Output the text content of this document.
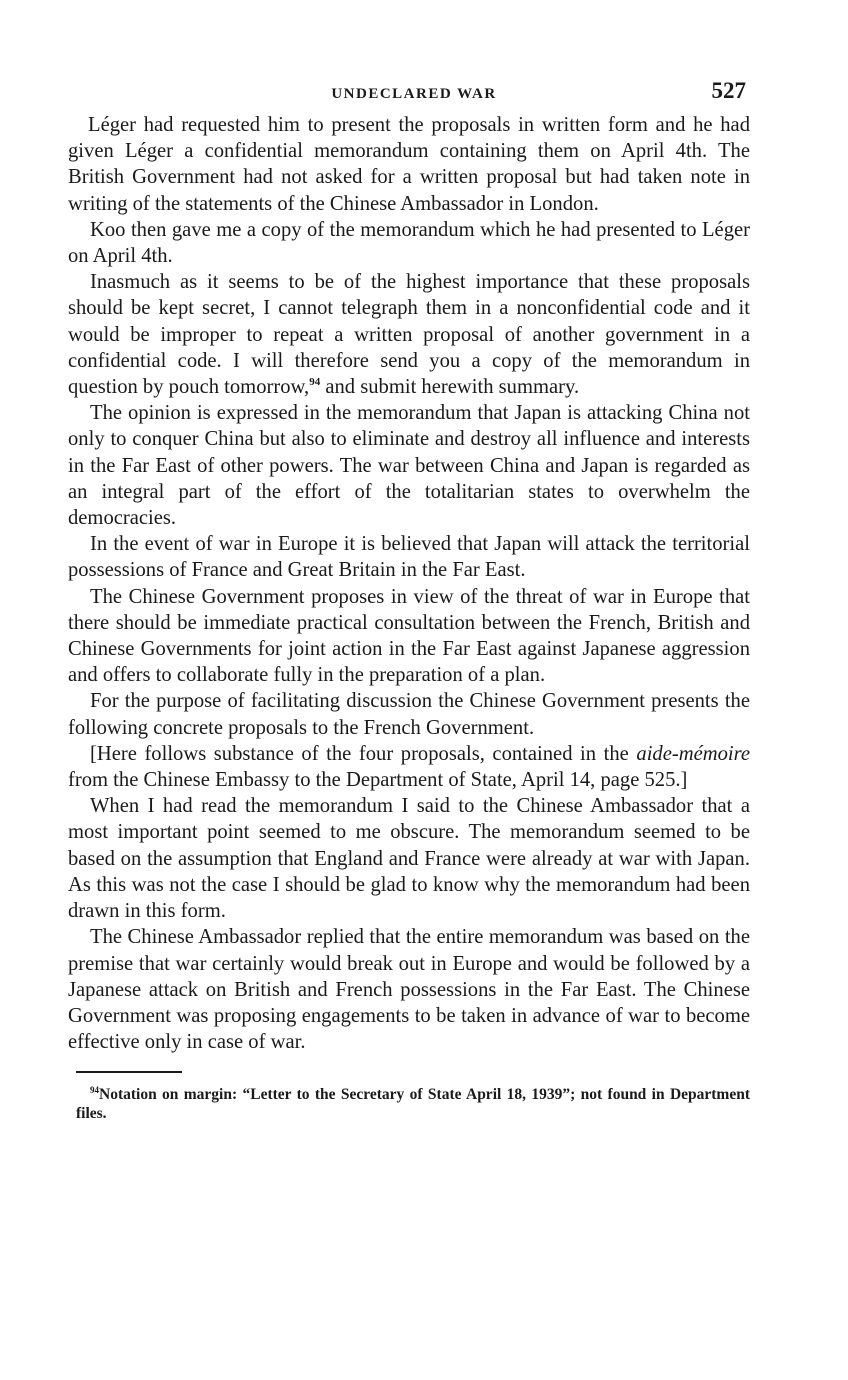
UNDECLARED WAR	527

Léger had requested him to present the proposals in written form and he had given Léger a confidential memorandum containing them on April 4th. The British Government had not asked for a written proposal but had taken note in writing of the statements of the Chinese Ambassador in London.

Koo then gave me a copy of the memorandum which he had presented to Léger on April 4th.

Inasmuch as it seems to be of the highest importance that these proposals should be kept secret, I cannot telegraph them in a nonconfidential code and it would be improper to repeat a written proposal of another government in a confidential code. I will therefore send you a copy of the memorandum in question by pouch tomorrow,$^{94}$ and submit herewith summary.

The opinion is expressed in the memorandum that Japan is attacking China not only to conquer China but also to eliminate and destroy all influence and interests in the Far East of other powers. The war between China and Japan is regarded as an integral part of the effort of the totalitarian states to overwhelm the democracies.

In the event of war in Europe it is believed that Japan will attack the territorial possessions of France and Great Britain in the Far East.

The Chinese Government proposes in view of the threat of war in Europe that there should be immediate practical consultation between the French, British and Chinese Governments for joint action in the Far East against Japanese aggression and offers to collaborate fully in the preparation of a plan.

For the purpose of facilitating discussion the Chinese Government presents the following concrete proposals to the French Government.

[Here follows substance of the four proposals, contained in the aide-mémoire from the Chinese Embassy to the Department of State, April 14, page 525.]

When I had read the memorandum I said to the Chinese Ambassador that a most important point seemed to me obscure. The memorandum seemed to be based on the assumption that England and France were already at war with Japan. As this was not the case I should be glad to know why the memorandum had been drawn in this form.

The Chinese Ambassador replied that the entire memorandum was based on the premise that war certainly would break out in Europe and would be followed by a Japanese attack on British and French possessions in the Far East. The Chinese Government was proposing engagements to be taken in advance of war to become effective only in case of war.

$^{94}$Notation on margin: “Letter to the Secretary of State April 18, 1939”; not found in Department files.
